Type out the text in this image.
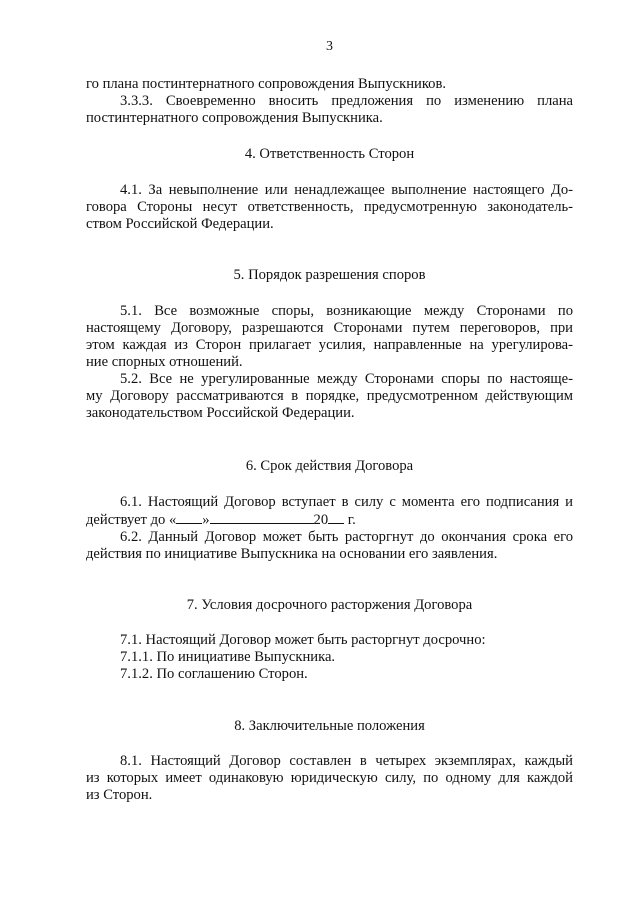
3
го плана постинтернатного сопровождения Выпускников.
3.3.3. Своевременно вносить предложения по изменению плана
постинтернатного сопровождения Выпускника.

4. Ответственность Сторон

4.1. За невыполнение или ненадлежащее выполнение настоящего До-
говора Стороны несут ответственность, предусмотренную законодатель-
ством Российской Федерации.

5. Порядок разрешения споров

5.1. Все возможные споры, возникающие между Сторонами по
настоящему Договору, разрешаются Сторонами путем переговоров, при
этом каждая из Сторон прилагает усилия, направленные на урегулирова-
ние спорных отношений.
5.2. Все не урегулированные между Сторонами споры по настояще-
му Договору рассматриваются в порядке, предусмотренном действующим
законодательством Российской Федерации.

6. Срок действия Договора

6.1. Настоящий Договор вступает в силу с момента его подписания и
действует до « »	20 г.
6.2. Данный Договор может быть расторгнут до окончания срока его
действия по инициативе Выпускника на основании его заявления.

7. Условия досрочного расторжения Договора

7.1. Настоящий Договор может быть расторгнут досрочно:
7.1.1. По инициативе Выпускника.
7.1.2. По соглашению Сторон.

8. Заключительные положения

8.1. Настоящий Договор составлен в четырех экземплярах, каждый
из которых имеет одинаковую юридическую силу, по одному для каждой
из Сторон.
